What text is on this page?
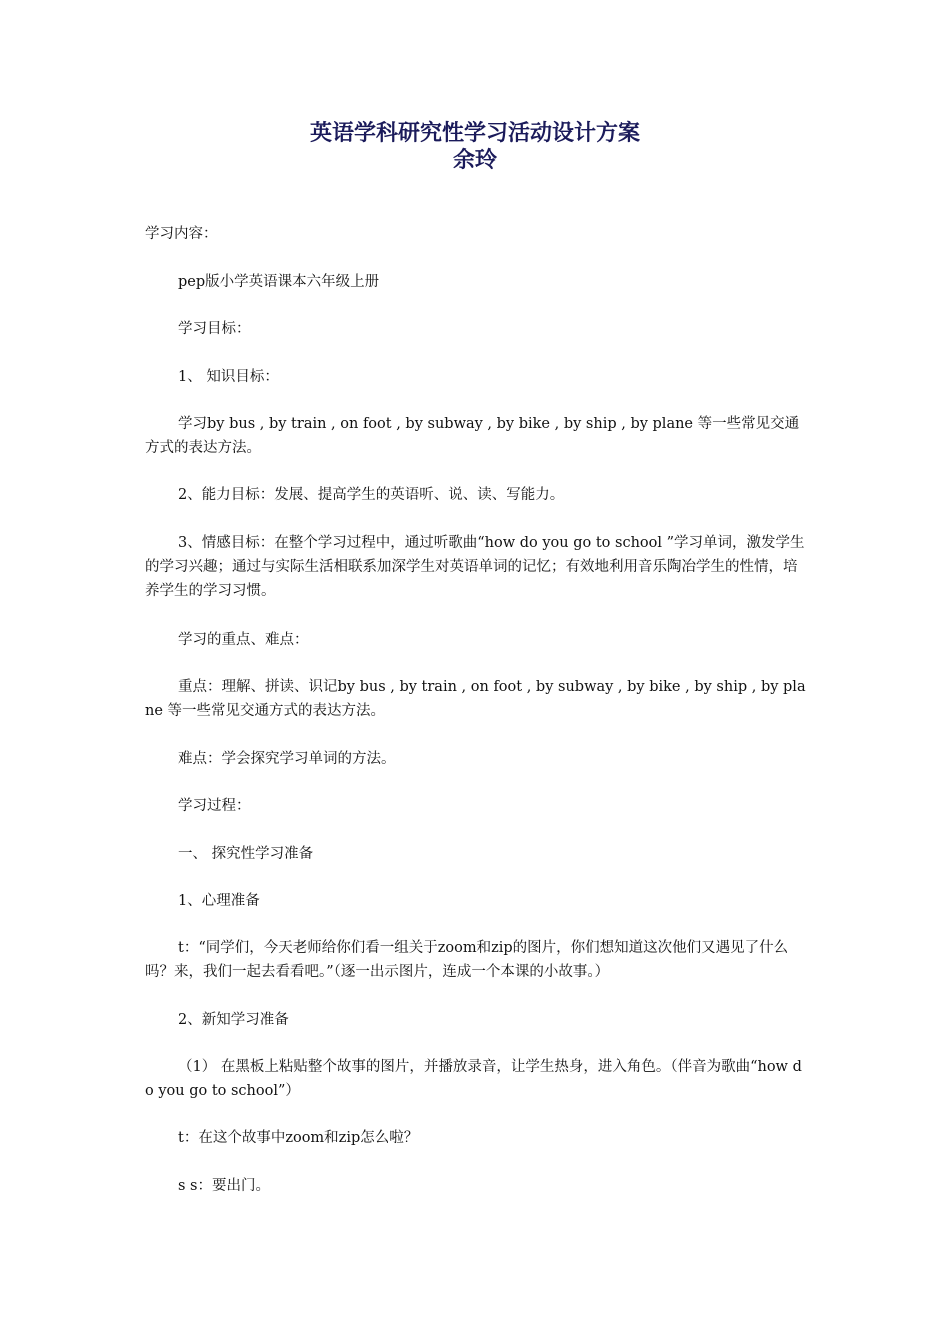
英语学科研究性学习活动设计方案
余玲
学习内容：
pep版小学英语课本六年级上册
学习目标：
1、 知识目标：
学习by bus , by train , on foot , by subway , by bike , by ship , by plane 等一些常见交通方式的表达方法。
2、能力目标：发展、提高学生的英语听、说、读、写能力。
3、情感目标：在整个学习过程中，通过听歌曲“how do you go to school ”学习单词，激发学生的学习兴趣；通过与实际生活相联系加深学生对英语单词的记忆；有效地利用音乐陶冶学生的性情，培养学生的学习习惯。
学习的重点、难点：
重点：理解、拼读、识记by bus , by train , on foot , by subway , by bike , by ship , by plane 等一些常见交通方式的表达方法。
难点：学会探究学习单词的方法。
学习过程：
一、 探究性学习准备
1、心理准备
t：“同学们，今天老师给你们看一组关于zoom和zip的图片，你们想知道这次他们又遇见了什么吗？来，我们一起去看看吧。”（逐一出示图片，连成一个本课的小故事。）
2、新知学习准备
（1） 在黑板上粘贴整个故事的图片，并播放录音，让学生热身，进入角色。（伴音为歌曲“how do you go to school”）
t：在这个故事中zoom和zip怎么啦？
s s：要出门。
